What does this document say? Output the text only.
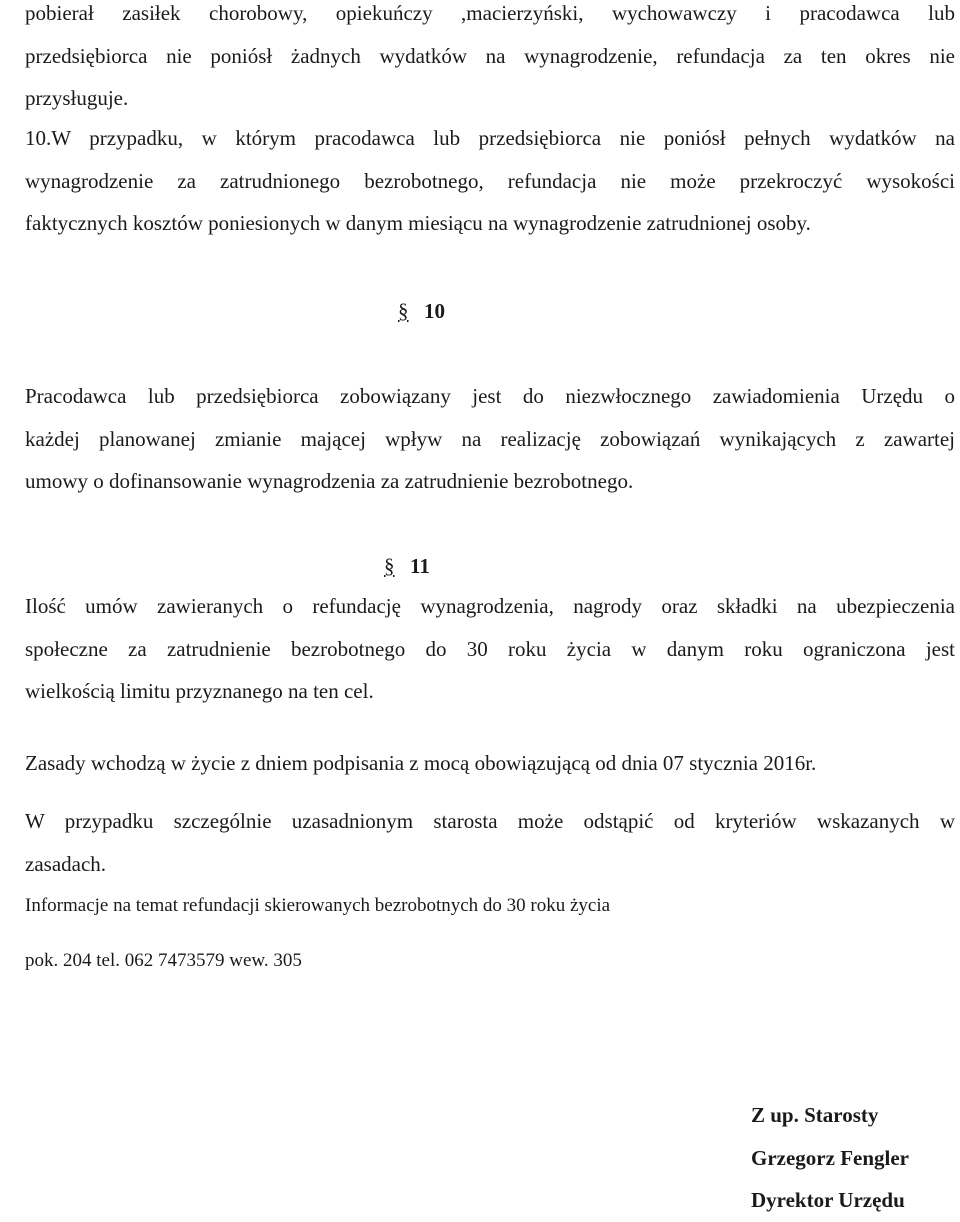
pobierał zasiłek chorobowy, opiekuńczy ,macierzyński, wychowawczy i pracodawca lub
przedsiębiorca nie poniósł żadnych wydatków na wynagrodzenie, refundacja za ten okres nie
przysługuje.

10.W przypadku, w którym pracodawca lub przedsiębiorca nie poniósł pełnych wydatków na
wynagrodzenie za zatrudnionego bezrobotnego, refundacja nie może przekroczyć wysokości
faktycznych kosztów poniesionych w danym miesiącu na wynagrodzenie zatrudnionej osoby.

§ 10

Pracodawca lub przedsiębiorca zobowiązany jest do niezwłocznego zawiadomienia Urzędu o
każdej planowanej zmianie mającej wpływ na realizację zobowiązań wynikających z zawartej
umowy o dofinansowanie wynagrodzenia za zatrudnienie bezrobotnego.

§ 11

Ilość umów zawieranych o refundację wynagrodzenia, nagrody oraz składki na ubezpieczenia
społeczne za zatrudnienie bezrobotnego do 30 roku życia w danym roku ograniczona jest
wielkością limitu przyznanego na ten cel.

Zasady wchodzą w życie z dniem podpisania z mocą obowiązującą od dnia 07 stycznia 2016r.

W przypadku szczególnie uzasadnionym starosta może odstąpić od kryteriów wskazanych w
zasadach.

Informacje na temat refundacji skierowanych bezrobotnych do 30 roku życia

pok. 204 tel. 062 7473579 wew. 305

Z up. Starosty
Grzegorz Fengler
Dyrektor Urzędu
